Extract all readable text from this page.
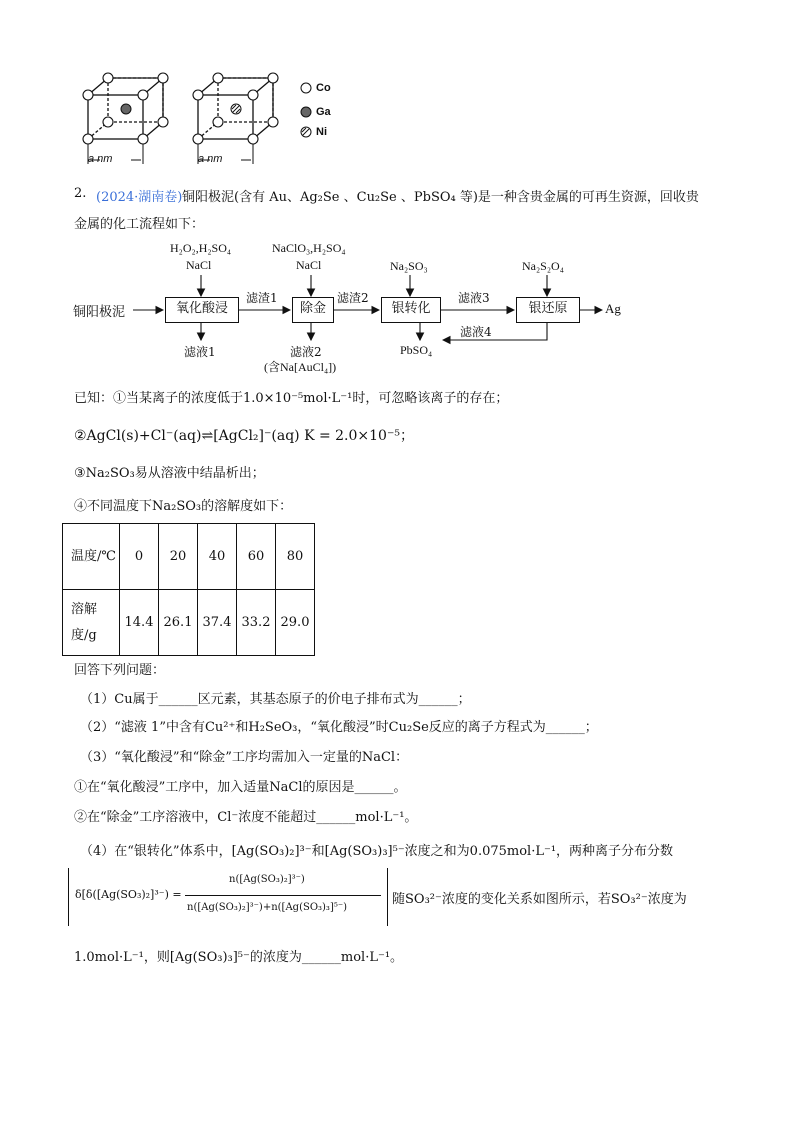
a nm	a nm
Co
Ga
Ni
2. (2024·湖南卷) 铜阳极泥(含有 Au、Ag₂Se 、Cu₂Se 、PbSO₄ 等)是一种含贵金属的可再生资源，回收贵
金属的化工流程如下：
铜阳极泥	氧化酸浸	除金	银转化	银还原	Ag
H₂O₂,H₂SO₄
NaCl
NaClO₃,H₂SO₄
NaCl	Na₂SO₃	Na₂S₂O₄
滤渣1	滤渣2	滤液3
滤液4
滤液1	滤液2
(含Na[AuCl₄])
PbSO₄
已知：①当某离子的浓度低于1.0×10⁻⁵mol·L⁻¹时，可忽略该离子的存在；
②AgCl(s)+Cl⁻(aq)⇌[AgCl₂]⁻(aq) K = 2.0×10⁻⁵；
③Na₂SO₃易从溶液中结晶析出；
④不同温度下Na₂SO₃的溶解度如下：
温度/℃	0	20	40	60	80
溶解度/g	14.4	26.1	37.4	33.2	29.0
回答下列问题：
（1）Cu属于______区元素，其基态原子的价电子排布式为______；
（2）“滤液 1”中含有Cu²⁺和H₂SeO₃，“氧化酸浸”时Cu₂Se反应的离子方程式为______；
（3）“氧化酸浸”和“除金”工序均需加入一定量的NaCl：
①在“氧化酸浸”工序中，加入适量NaCl的原因是______。
②在“除金”工序溶液中，Cl⁻浓度不能超过______mol·L⁻¹。
（4）在“银转化”体系中，[Ag(SO₃)₂]³⁻和[Ag(SO₃)₃]⁵⁻浓度之和为0.075mol·L⁻¹，两种离子分布分数
δ[δ([Ag(SO₃)₂]³⁻) =
n([Ag(SO₃)₂]³⁻)
n([Ag(SO₃)₂]³⁻)+n([Ag(SO₃)₃]⁵⁻)
随SO₃²⁻浓度的变化关系如图所示，若SO₃²⁻浓度为
1.0mol·L⁻¹，则[Ag(SO₃)₃]⁵⁻的浓度为______mol·L⁻¹。
